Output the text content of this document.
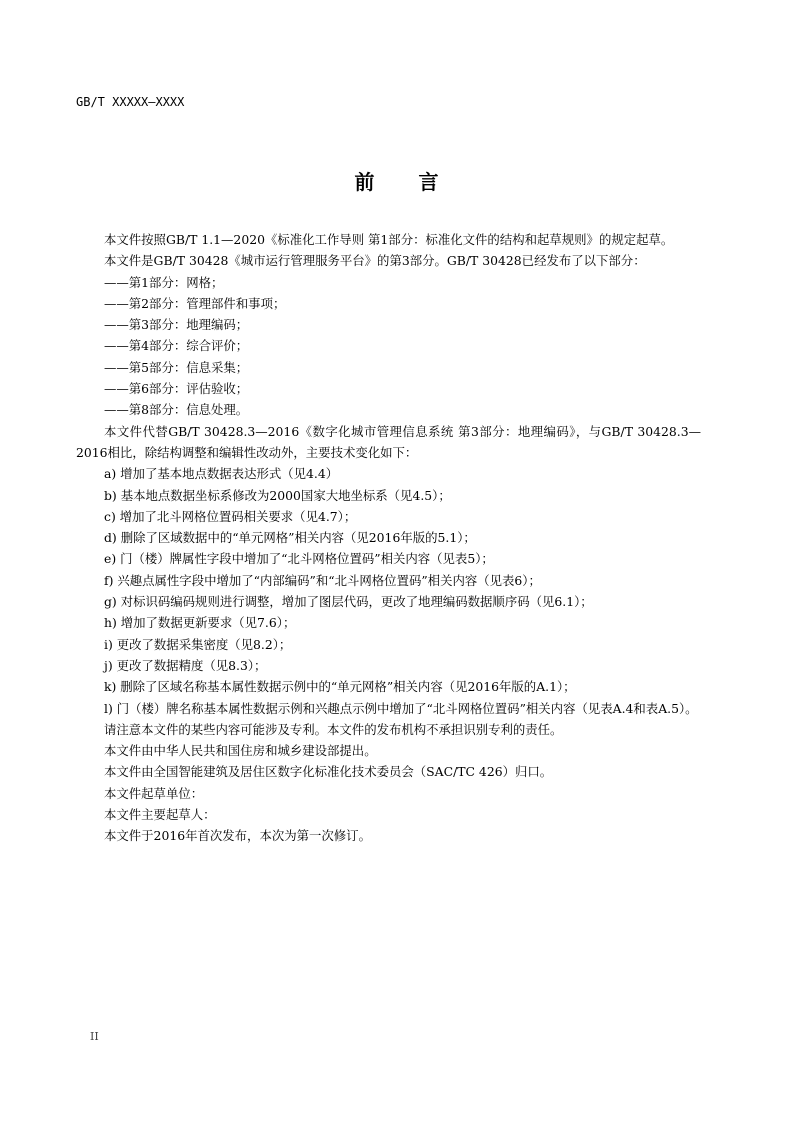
GB/T XXXXX—XXXX
前 言

本文件按照GB/T 1.1—2020《标准化工作导则 第1部分：标准化文件的结构和起草规则》的规定起草。

本文件是GB/T 30428《城市运行管理服务平台》的第3部分。GB/T 30428已经发布了以下部分：

——第1部分：网格；

——第2部分：管理部件和事项；

——第3部分：地理编码；

——第4部分：综合评价；

——第5部分：信息采集；

——第6部分：评估验收；

——第8部分：信息处理。

本文件代替GB/T 30428.3—2016《数字化城市管理信息系统 第3部分：地理编码》，与GB/T 30428.3—2016相比，除结构调整和编辑性改动外，主要技术变化如下：

a) 增加了基本地点数据表达形式（见4.4）

b) 基本地点数据坐标系修改为2000国家大地坐标系（见4.5）；

c) 增加了北斗网格位置码相关要求（见4.7）；

d) 删除了区域数据中的“单元网格”相关内容（见2016年版的5.1）；

e) 门（楼）牌属性字段中增加了“北斗网格位置码”相关内容（见表5）；

f) 兴趣点属性字段中增加了“内部编码”和“北斗网格位置码”相关内容（见表6）；

g) 对标识码编码规则进行调整，增加了图层代码，更改了地理编码数据顺序码（见6.1）；

h) 增加了数据更新要求（见7.6）；

i) 更改了数据采集密度（见8.2）；

j) 更改了数据精度（见8.3）；

k) 删除了区域名称基本属性数据示例中的“单元网格”相关内容（见2016年版的A.1）；

l) 门（楼）牌名称基本属性数据示例和兴趣点示例中增加了“北斗网格位置码”相关内容（见表A.4和表A.5）。

请注意本文件的某些内容可能涉及专利。本文件的发布机构不承担识别专利的责任。

本文件由中华人民共和国住房和城乡建设部提出。

本文件由全国智能建筑及居住区数字化标准化技术委员会（SAC/TC 426）归口。

本文件起草单位：

本文件主要起草人：

本文件于2016年首次发布，本次为第一次修订。

II
